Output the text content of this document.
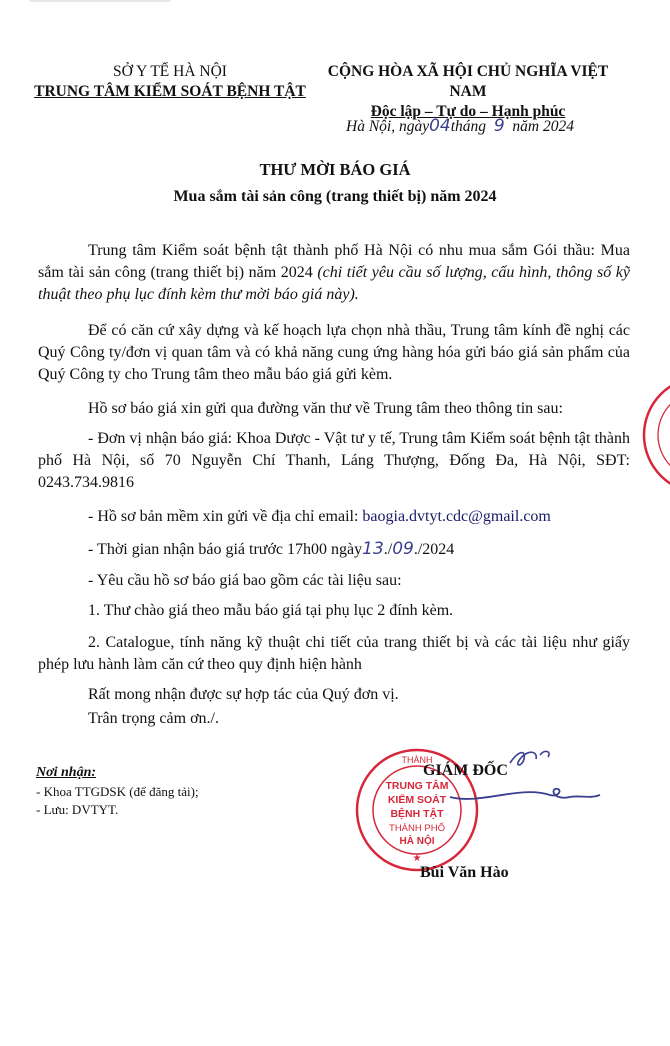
SỞ Y TẾ HÀ NỘI
TRUNG TÂM KIỂM SOÁT BỆNH TẬT
CỘNG HÒA XÃ HỘI CHỦ NGHĨA VIỆT NAM
Độc lập – Tự do – Hạnh phúc
Hà Nội, ngày04tháng 9 năm 2024
THƯ MỜI BÁO GIÁ
Mua sắm tài sản công (trang thiết bị) năm 2024
Trung tâm Kiểm soát bệnh tật thành phố Hà Nội có nhu mua sắm Gói thầu: Mua sắm tài sản công (trang thiết bị) năm 2024 (chi tiết yêu cầu số lượng, cấu hình, thông số kỹ thuật theo phụ lục đính kèm thư mời báo giá này).
Để có căn cứ xây dựng và kế hoạch lựa chọn nhà thầu, Trung tâm kính đề nghị các Quý Công ty/đơn vị quan tâm và có khả năng cung ứng hàng hóa gửi báo giá sản phẩm của Quý Công ty cho Trung tâm theo mẫu báo giá gửi kèm.
Hồ sơ báo giá xin gửi qua đường văn thư về Trung tâm theo thông tin sau:
- Đơn vị nhận báo giá: Khoa Dược - Vật tư y tế, Trung tâm Kiểm soát bệnh tật thành phố Hà Nội, số 70 Nguyễn Chí Thanh, Láng Thượng, Đống Đa, Hà Nội, SĐT: 0243.734.9816
- Hồ sơ bản mềm xin gửi về địa chỉ email: baogia.dvtyt.cdc@gmail.com
- Thời gian nhận báo giá trước 17h00 ngày13./09./2024
- Yêu cầu hồ sơ báo giá bao gồm các tài liệu sau:
1. Thư chào giá theo mẫu báo giá tại phụ lục 2 đính kèm.
2. Catalogue, tính năng kỹ thuật chi tiết của trang thiết bị và các tài liệu như giấy phép lưu hành làm căn cứ theo quy định hiện hành
Rất mong nhận được sự hợp tác của Quý đơn vị.
Trân trọng cảm ơn./.
Nơi nhận:
- Khoa TTGDSK (để đăng tải);
- Lưu: DVTYT.
THÀNH
TRUNG TÂM
KIỂM SOÁT
BỆNH TẬT
THÀNH PHỐ
HÀ NỘI
★
GIÁM ĐỐC
Bùi Văn Hào
